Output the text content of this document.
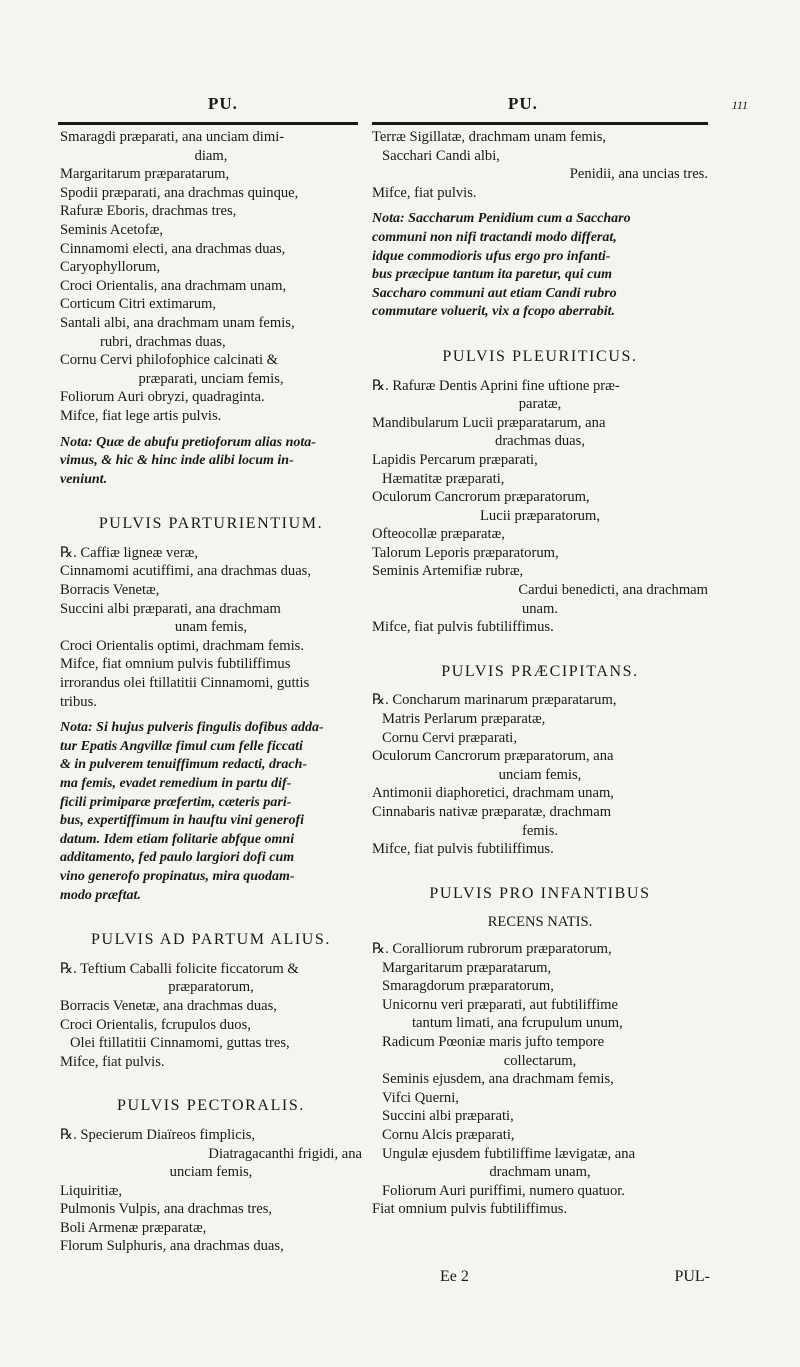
PU.	PU.	111
Smaragdi præparati, ana unciam dimi-
diam,
Margaritarum præparatarum,
Spodii præparati, ana drachmas quinque,
Rafuræ Eboris, drachmas tres,
Seminis Acetofæ,
Cinnamomi electi, ana drachmas duas,
Caryophyllorum,
Croci Orientalis, ana drachmam unam,
Corticum Citri extimarum,
Santali albi, ana drachmam unam femis,
rubri, drachmas duas,
Cornu Cervi philofophice calcinati &
præparati, unciam femis,
Foliorum Auri obryzi, quadraginta.
Mifce, fiat lege artis pulvis.
Nota: Quæ de abufu pretioforum alias nota-
vimus, & hic & hinc inde alibi locum in-
veniunt.
PULVIS PARTURIENTIUM.
℞. Caffiæ ligneæ veræ,
Cinnamomi acutiffimi, ana drachmas duas,
Borracis Venetæ,
Succini albi præparati, ana drachmam
unam femis,
Croci Orientalis optimi, drachmam femis.
Mifce, fiat omnium pulvis fubtiliffimus
irrorandus olei ftillatitii Cinnamomi, guttis
tribus.
Nota: Si hujus pulveris fingulis dofibus adda-
tur Epatis Angvillæ fimul cum felle ficcati
& in pulverem tenuiffimum redacti, drach-
ma femis, evadet remedium in partu dif-
ficili primiparæ præfertim, cæteris pari-
bus, expertiffimum in hauftu vini generofi
datum. Idem etiam folitarie abfque omni
additamento, fed paulo largiori dofi cum
vino generofo propinatus, mira quodam-
modo præftat.
PULVIS AD PARTUM ALIUS.
℞. Teftium Caballi folicite ficcatorum &
præparatorum,
Borracis Venetæ, ana drachmas duas,
Croci Orientalis, fcrupulos duos,
Olei ftillatitii Cinnamomi, guttas tres,
Mifce, fiat pulvis.
PULVIS PECTORALIS.
℞. Specierum Diaïreos fimplicis,
Diatragacanthi frigidi, ana
unciam femis,
Liquiritiæ,
Pulmonis Vulpis, ana drachmas tres,
Boli Armenæ præparatæ,
Florum Sulphuris, ana drachmas duas,
Terræ Sigillatæ, drachmam unam femis,
Sacchari Candi albi,
Penidii, ana uncias tres.
Mifce, fiat pulvis.
Nota: Saccharum Penidium cum a Saccharo
communi non nifi tractandi modo differat,
idque commodioris ufus ergo pro infanti-
bus præcipue tantum ita paretur, qui cum
Saccharo communi aut etiam Candi rubro
commutare voluerit, vix a fcopo aberrabit.
PULVIS PLEURITICUS.
℞. Rafuræ Dentis Aprini fine uftione præ-
paratæ,
Mandibularum Lucii præparatarum, ana
drachmas duas,
Lapidis Percarum præparati,
Hæmatitæ præparati,
Oculorum Cancrorum præparatorum,
Lucii præparatorum,
Ofteocollæ præparatæ,
Talorum Leporis præparatorum,
Seminis Artemifiæ rubræ,
Cardui benedicti, ana drachmam
unam.
Mifce, fiat pulvis fubtiliffimus.
PULVIS PRÆCIPITANS.
℞. Concharum marinarum præparatarum,
Matris Perlarum præparatæ,
Cornu Cervi præparati,
Oculorum Cancrorum præparatorum, ana
unciam femis,
Antimonii diaphoretici, drachmam unam,
Cinnabaris nativæ præparatæ, drachmam
femis.
Mifce, fiat pulvis fubtiliffimus.
PULVIS PRO INFANTIBUS
RECENS NATIS.
℞. Coralliorum rubrorum præparatorum,
Margaritarum præparatarum,
Smaragdorum præparatorum,
Unicornu veri præparati, aut fubtiliffime
tantum limati, ana fcrupulum unum,
Radicum Pœoniæ maris jufto tempore
collectarum,
Seminis ejusdem, ana drachmam femis,
Vifci Querni,
Succini albi præparati,
Cornu Alcis præparati,
Ungulæ ejusdem fubtiliffime lævigatæ, ana
drachmam unam,
Foliorum Auri puriffimi, numero quatuor.
Fiat omnium pulvis fubtiliffimus.
Ee 2	PUL-
